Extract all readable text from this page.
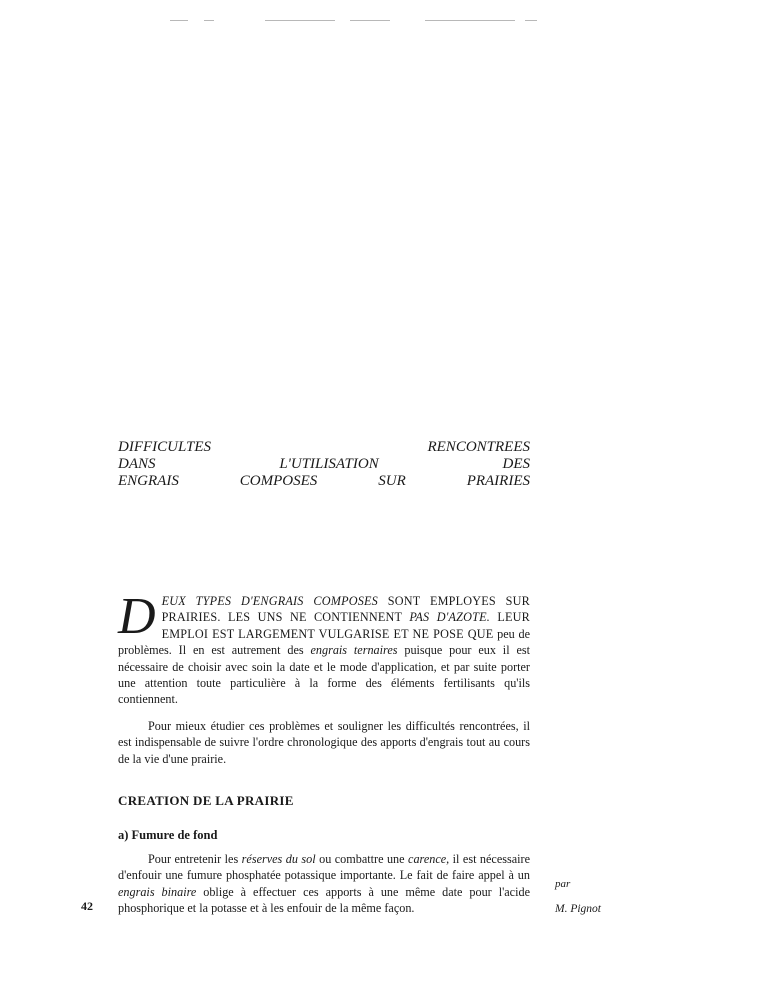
DIFFICULTES	RENCONTREES
DANS	L'UTILISATION	DES
ENGRAIS	COMPOSES	SUR	PRAIRIES

D EUX TYPES D'ENGRAIS COMPOSES SONT EMPLOYES SUR PRAIRIES. LES UNS NE CONTIENNENT PAS D'AZOTE. LEUR EMPLOI EST LARGEMENT VULGARISE ET NE POSE QUE peu de problèmes. Il en est autrement des engrais ternaires puisque pour eux il est nécessaire de choisir avec soin la date et le mode d'application, et par suite porter une attention toute particulière à la forme des éléments fertilisants qu'ils contiennent.

Pour mieux étudier ces problèmes et souligner les difficultés rencontrées, il est indispensable de suivre l'ordre chronologique des apports d'engrais tout au cours de la vie d'une prairie.

CREATION DE LA PRAIRIE
a) Fumure de fond

Pour entretenir les réserves du sol ou combattre une carence, il est nécessaire d'enfouir une fumure phosphatée potassique importante. Le fait de faire appel à un engrais binaire oblige à effectuer ces apports à une même date pour l'acide phosphorique et la potasse et à les enfouir de la même façon.

42
par
M. Pignot
